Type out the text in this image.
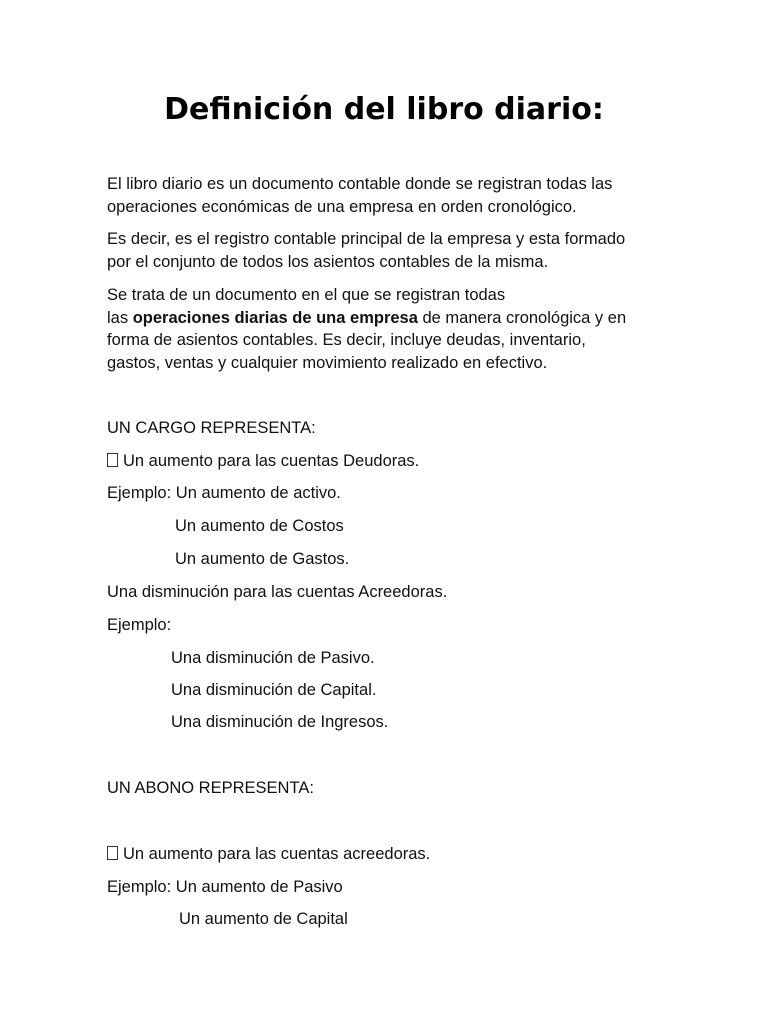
Definición del libro diario:

El libro diario es un documento contable donde se registran todas las
operaciones económicas de una empresa en orden cronológico.

Es decir, es el registro contable principal de la empresa y esta formado
por el conjunto de todos los asientos contables de la misma.

Se trata de un documento en el que se registran todas
las operaciones diarias de una empresa de manera cronológica y en
forma de asientos contables. Es decir, incluye deudas, inventario,
gastos, ventas y cualquier movimiento realizado en efectivo.

UN CARGO REPRESENTA:

Un aumento para las cuentas Deudoras.

Ejemplo: Un aumento de activo.

Un aumento de Costos

Un aumento de Gastos.

Una disminución para las cuentas Acreedoras.

Ejemplo:

Una disminución de Pasivo.

Una disminución de Capital.

Una disminución de Ingresos.

UN ABONO REPRESENTA:

Un aumento para las cuentas acreedoras.

Ejemplo: Un aumento de Pasivo

Un aumento de Capital
